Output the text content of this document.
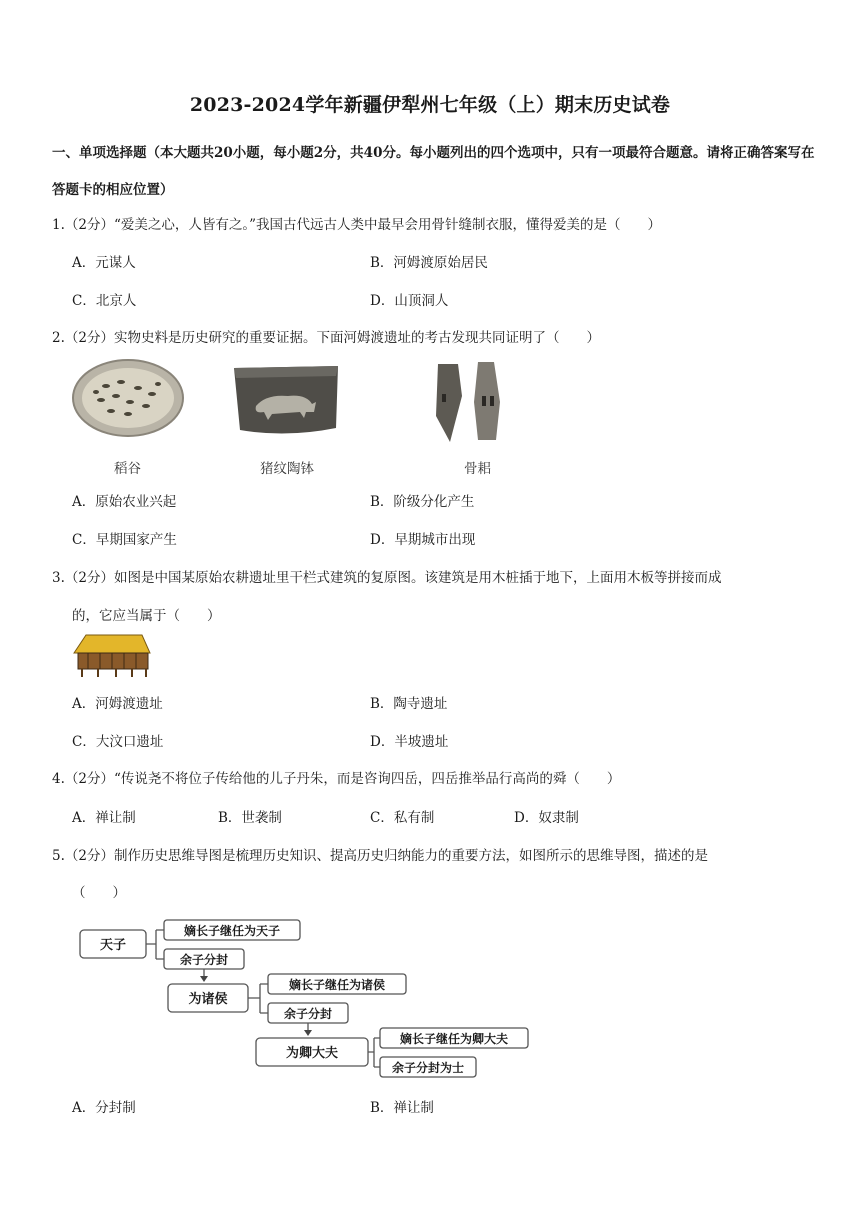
2023-2024学年新疆伊犁州七年级（上）期末历史试卷
一、单项选择题（本大题共20小题，每小题2分，共40分。每小题列出的四个选项中，只有一项最符合题意。请将正确答案写在答题卡的相应位置）
1.（2分）“爱美之心，人皆有之。”我国古代远古人类中最早会用骨针缝制衣服，懂得爱美的是（　　）
A．元谋人	B．河姆渡原始居民
C．北京人	D．山顶洞人
2.（2分）实物史料是历史研究的重要证据。下面河姆渡遗址的考古发现共同证明了（　　）
稻谷	猪纹陶钵	骨耜
A．原始农业兴起	B．阶级分化产生
C．早期国家产生	D．早期城市出现
3.（2分）如图是中国某原始农耕遗址里干栏式建筑的复原图。该建筑是用木桩插于地下，上面用木板等拼接而成
的，它应当属于（　　）
A．河姆渡遗址	B．陶寺遗址
C．大汶口遗址	D．半坡遗址
4.（2分）“传说尧不将位子传给他的儿子丹朱，而是咨询四岳，四岳推举品行高尚的舜（　　）
A．禅让制	B．世袭制	C．私有制	D．奴隶制
5.（2分）制作历史思维导图是梳理历史知识、提高历史归纳能力的重要方法，如图所示的思维导图，描述的是
（　　）
天子
嫡长子继任为天子
余子分封
为诸侯
嫡长子继任为诸侯
余子分封
为卿大夫
嫡长子继任为卿大夫
余子分封为士
A．分封制	B．禅让制
